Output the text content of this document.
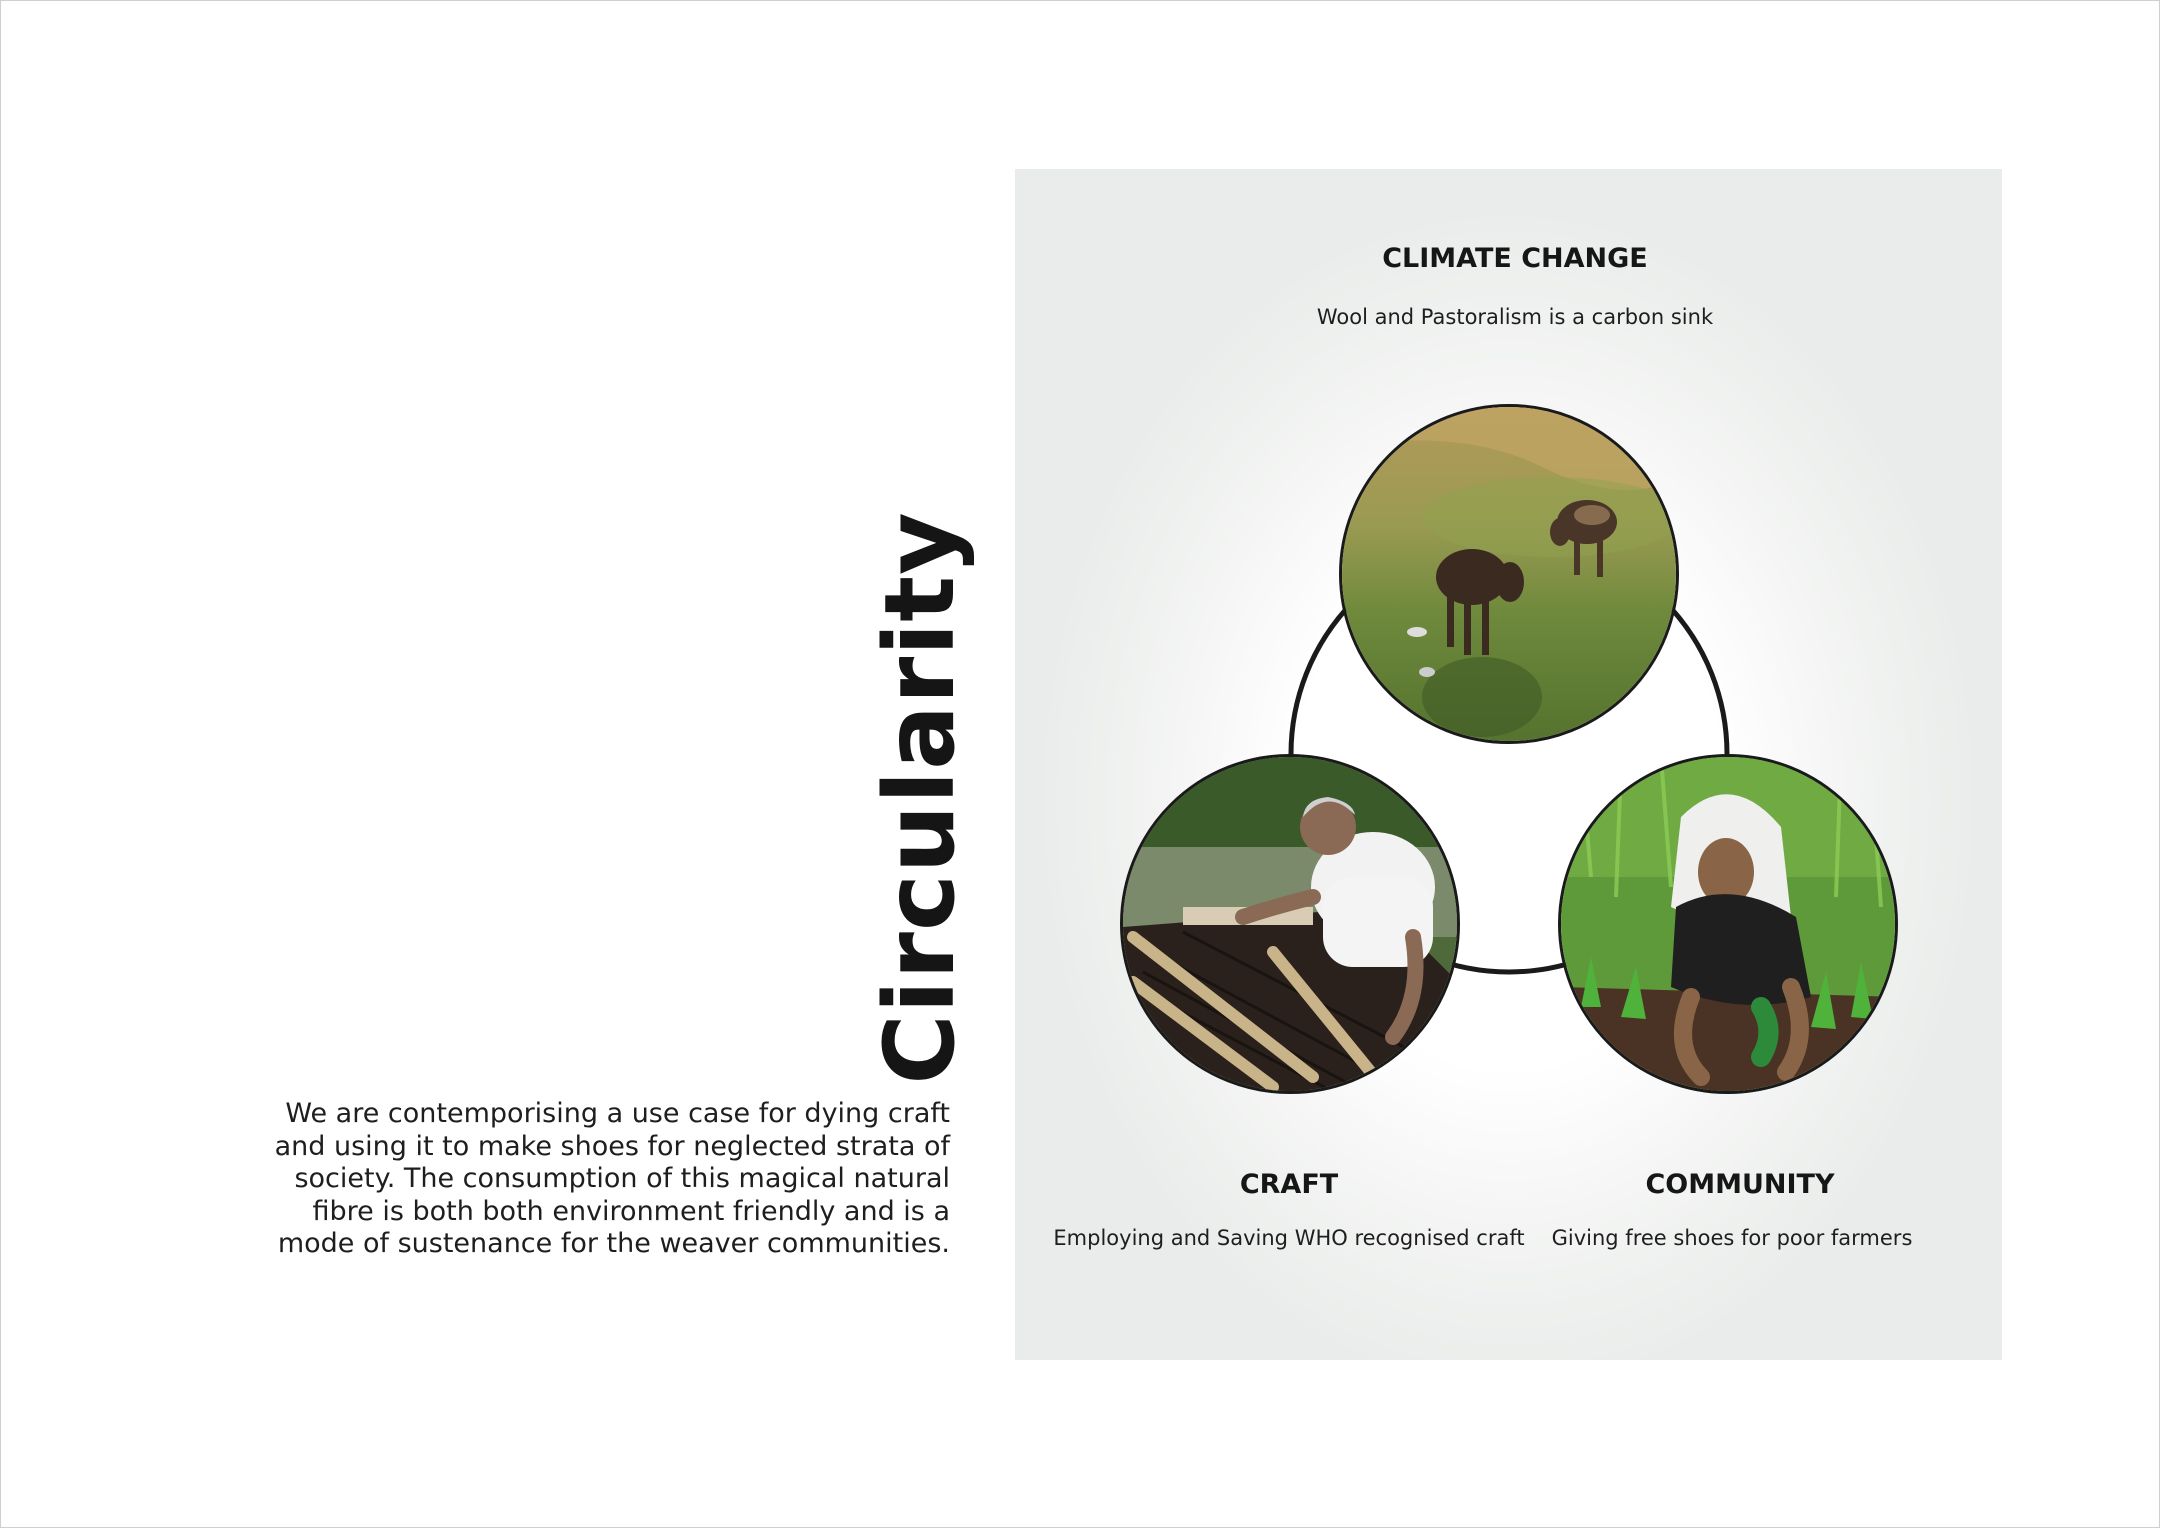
Circularity
We are contemporising a use case for dying craft and using it to make shoes for neglected strata of society. The consumption of this magical natural fibre is both both environment friendly and is a mode of sustenance for the weaver communities.
CLIMATE CHANGE
Wool and Pastoralism is a carbon sink
CRAFT
Employing and Saving WHO recognised craft
COMMUNITY
Giving free shoes for poor farmers
